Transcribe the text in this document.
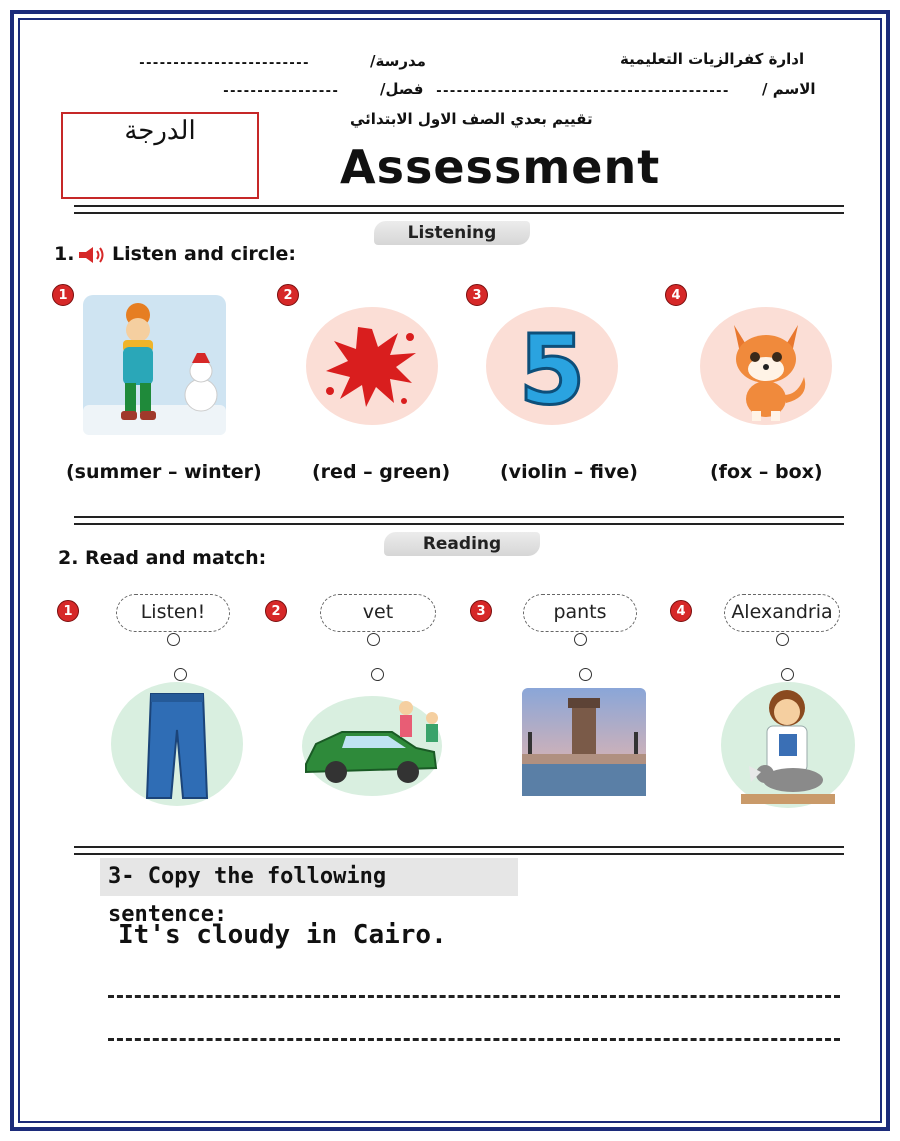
-------------------------	مدرسة/	ادارة كفرالزيات التعليمية
-----------------	فصل/ ------------------------------------------- الاسم /
تقييم بعدي الصف الاول الابتدائي
الدرجة
Assessment
Listening
1. Listen and circle:
1	2	3	4
5
(summer – winter)	(red – green)	(violin – five)	(fox – box)
Reading
2. Read and match:
1	2	3	4
Listen!	vet	pants	Alexandria
3- Copy the following sentence:
It's cloudy in Cairo.
